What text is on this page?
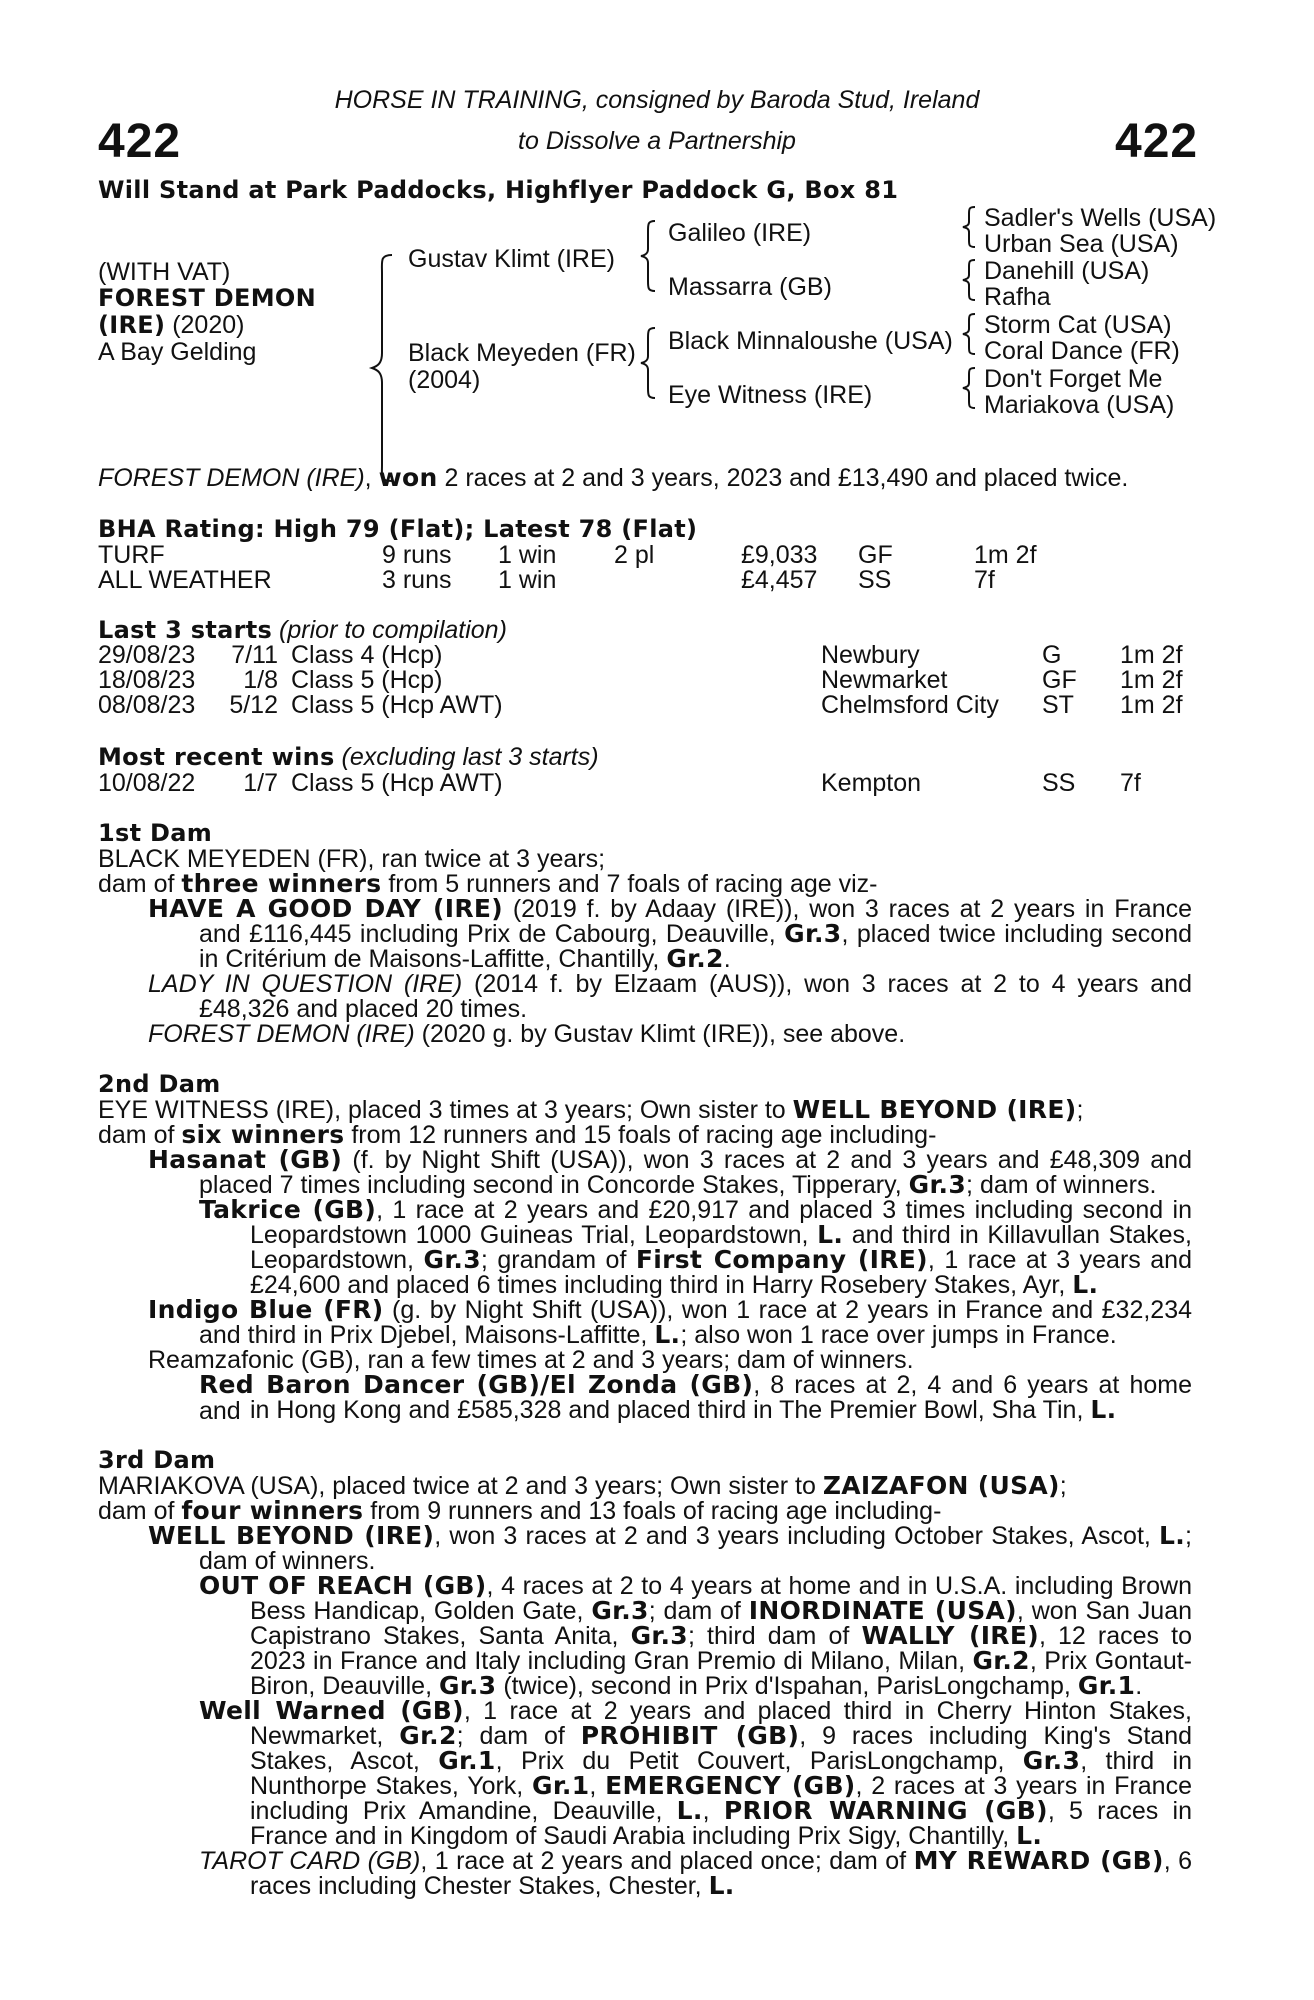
422	422
HORSE IN TRAINING, consigned by Baroda Stud, Ireland
to Dissolve a Partnership
Will Stand at Park Paddocks, Highflyer Paddock G, Box 81
(WITH VAT)
FOREST DEMON
(IRE) (2020)
A Bay Gelding
Gustav Klimt (IRE)
Black Meyeden (FR)
(2004)
Galileo (IRE)
Massarra (GB)
Black Minnaloushe (USA)
Eye Witness (IRE)
Sadler's Wells (USA)
Urban Sea (USA)
Danehill (USA)
Rafha
Storm Cat (USA)
Coral Dance (FR)
Don't Forget Me
Mariakova (USA)
FOREST DEMON (IRE), won 2 races at 2 and 3 years, 2023 and £13,490 and placed twice.
BHA Rating: High 79 (Flat); Latest 78 (Flat)
TURF	9 runs 1 win 2 pl	£9,033 GF	1m 2f
ALL WEATHER	3 runs 1 win	£4,457 SS	7f
Last 3 starts (prior to compilation)
29/08/23 7/11 Class 4 (Hcp)	Newbury	G 1m 2f
18/08/23 1/8 Class 5 (Hcp)	Newmarket	GF 1m 2f
08/08/23 5/12 Class 5 (Hcp AWT)	Chelmsford City ST 1m 2f
Most recent wins (excluding last 3 starts)
10/08/22 1/7 Class 5 (Hcp AWT)	Kempton	SS 7f
1st Dam
BLACK MEYEDEN (FR), ran twice at 3 years;
dam of three winners from 5 runners and 7 foals of racing age viz-
HAVE A GOOD DAY (IRE) (2019 f. by Adaay (IRE)), won 3 races at 2 years in France
and £116,445 including Prix de Cabourg, Deauville, Gr.3, placed twice including second
in Critérium de Maisons-Laffitte, Chantilly, Gr.2.
LADY IN QUESTION (IRE) (2014 f. by Elzaam (AUS)), won 3 races at 2 to 4 years and
£48,326 and placed 20 times.
FOREST DEMON (IRE) (2020 g. by Gustav Klimt (IRE)), see above.
2nd Dam
EYE WITNESS (IRE), placed 3 times at 3 years; Own sister to WELL BEYOND (IRE);
dam of six winners from 12 runners and 15 foals of racing age including-
Hasanat (GB) (f. by Night Shift (USA)), won 3 races at 2 and 3 years and £48,309 and
placed 7 times including second in Concorde Stakes, Tipperary, Gr.3; dam of winners.
Takrice (GB), 1 race at 2 years and £20,917 and placed 3 times including second in
Leopardstown 1000 Guineas Trial, Leopardstown, L. and third in Killavullan Stakes,
Leopardstown, Gr.3; grandam of First Company (IRE), 1 race at 3 years and
£24,600 and placed 6 times including third in Harry Rosebery Stakes, Ayr, L.
Indigo Blue (FR) (g. by Night Shift (USA)), won 1 race at 2 years in France and £32,234
and third in Prix Djebel, Maisons-Laffitte, L.; also won 1 race over jumps in France.
Reamzafonic (GB), ran a few times at 2 and 3 years; dam of winners.
Red Baron Dancer (GB)/El Zonda (GB), 8 races at 2, 4 and 6 years at home and in Hong Kong and £585,328 and placed third in The Premier Bowl, Sha Tin, L.
3rd Dam
MARIAKOVA (USA), placed twice at 2 and 3 years; Own sister to ZAIZAFON (USA);
dam of four winners from 9 runners and 13 foals of racing age including-
WELL BEYOND (IRE), won 3 races at 2 and 3 years including October Stakes, Ascot, L.;
dam of winners.
OUT OF REACH (GB), 4 races at 2 to 4 years at home and in U.S.A. including Brown
Bess Handicap, Golden Gate, Gr.3; dam of INORDINATE (USA), won San Juan
Capistrano Stakes, Santa Anita, Gr.3; third dam of WALLY (IRE), 12 races to
2023 in France and Italy including Gran Premio di Milano, Milan, Gr.2, Prix Gontaut-
Biron, Deauville, Gr.3 (twice), second in Prix d'Ispahan, ParisLongchamp, Gr.1.
Well Warned (GB), 1 race at 2 years and placed third in Cherry Hinton Stakes,
Newmarket, Gr.2; dam of PROHIBIT (GB), 9 races including King's Stand
Stakes, Ascot, Gr.1, Prix du Petit Couvert, ParisLongchamp, Gr.3, third in
Nunthorpe Stakes, York, Gr.1, EMERGENCY (GB), 2 races at 3 years in France
including Prix Amandine, Deauville, L., PRIOR WARNING (GB), 5 races in
France and in Kingdom of Saudi Arabia including Prix Sigy, Chantilly, L.
TAROT CARD (GB), 1 race at 2 years and placed once; dam of MY REWARD (GB), 6
races including Chester Stakes, Chester, L.
